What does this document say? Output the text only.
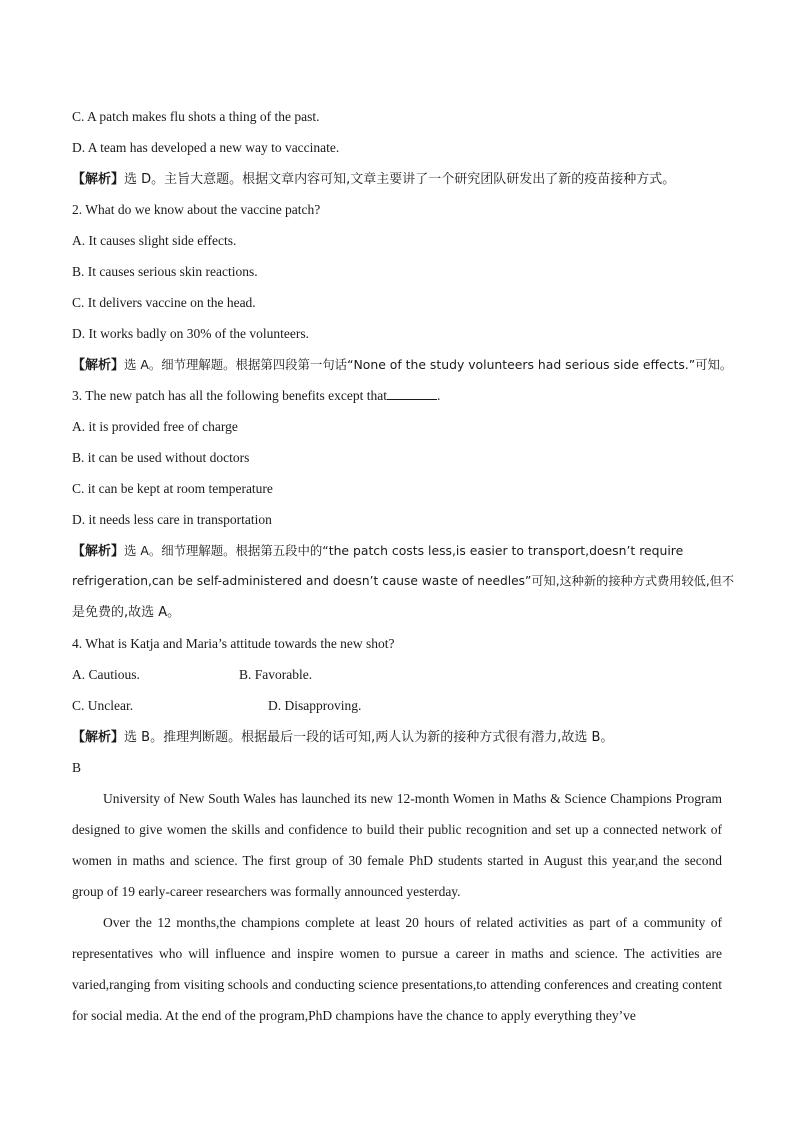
C. A patch makes flu shots a thing of the past.
D. A team has developed a new way to vaccinate.
【解析】选 D。主旨大意题。根据文章内容可知,文章主要讲了一个研究团队研发出了新的疫苗接种方式。
2. What do we know about the vaccine patch?
A. It causes slight side effects.
B. It causes serious skin reactions.
C. It delivers vaccine on the head.
D. It works badly on 30% of the volunteers.
【解析】选 A。细节理解题。根据第四段第一句话“None of the study volunteers had serious side effects.”可知。
3. The new patch has all the following benefits except that	.
A. it is provided free of charge
B. it can be used without doctors
C. it can be kept at room temperature
D. it needs less care in transportation
【解析】选 A。细节理解题。根据第五段中的“the patch costs less,is easier to transport,doesn’t require
refrigeration,can be self-administered and doesn’t cause waste of needles”可知,这种新的接种方式费用较低,但不
是免费的,故选 A。
4. What is Katja and Maria’s attitude towards the new shot?
A. Cautious.	B. Favorable.
C. Unclear.	D. Disapproving.
【解析】选 B。推理判断题。根据最后一段的话可知,两人认为新的接种方式很有潜力,故选 B。
B
University of New South Wales has launched its new 12-month Women in Maths & Science Champions Program designed to give women the skills and confidence to build their public recognition and set up a connected network of women in maths and science. The first group of 30 female PhD students started in August this year,and the second group of 19 early-career researchers was formally announced yesterday.
Over the 12 months,the champions complete at least 20 hours of related activities as part of a community of representatives who will influence and inspire women to pursue a career in maths and science. The activities are varied,ranging from visiting schools and conducting science presentations,to attending conferences and creating content for social media. At the end of the program,PhD champions have the chance to apply everything they’ve
